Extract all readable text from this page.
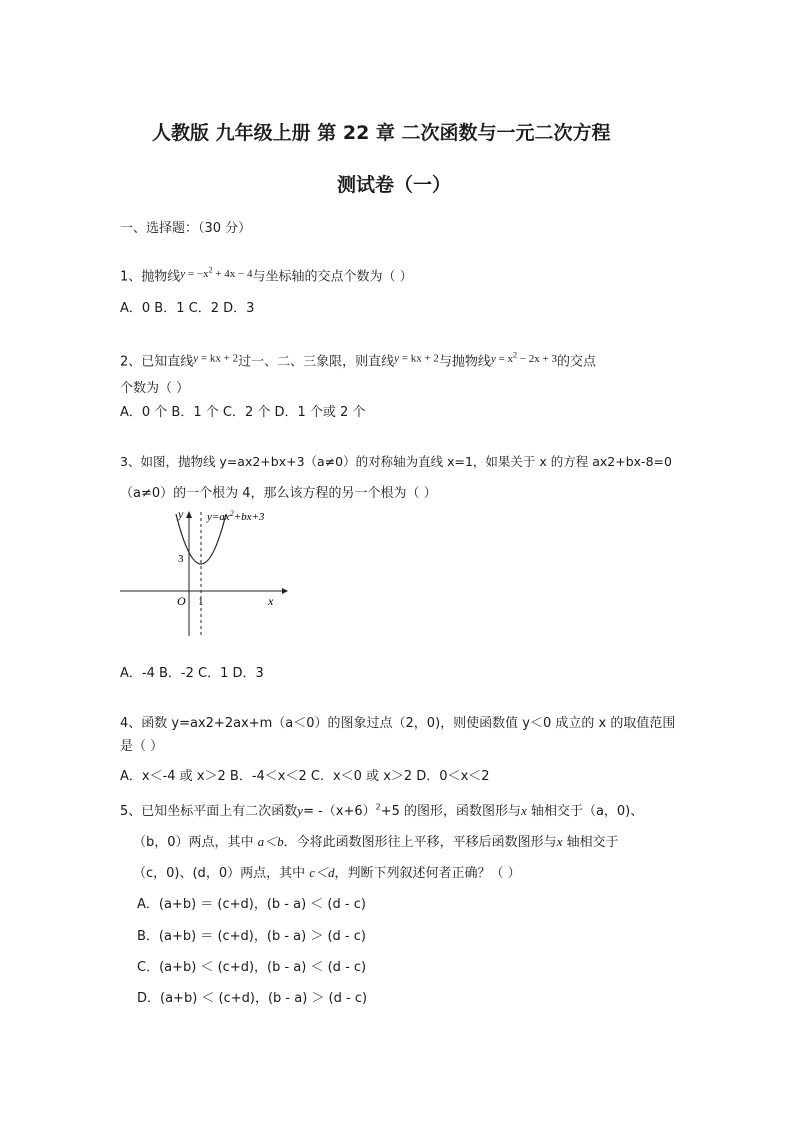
人教版 九年级上册 第 22 章 二次函数与一元二次方程
测试卷（一）
一、选择题：（30 分）
1、抛物线$^{y = -x^2 + 4x - 4}$与坐标轴的交点个数为（ ）
A．0 B．1 C．2 D．3
2、已知直线$^{y = kx + 2}$过一、二、三象限，则直线$^{y = kx + 2}$与抛物线$^{y = x^2 - 2x + 3}$的交点
个数为（ ）
A．0 个 B．1 个 C．2 个 D．1 个或 2 个
3、如图，抛物线 y=ax2+bx+3（a≠0）的对称轴为直线 x=1，如果关于 x 的方程 ax2+bx-8=0
（a≠0）的一个根为 4，那么该方程的另一个根为（ ）
y $y=ax^2+bx+3$
3
O 1	x
A．-4 B．-2 C．1 D．3
4、函数 y=ax2+2ax+m（a＜0）的图象过点（2，0)，则使函数值 y＜0 成立的 x 的取值范围
是（ ）
A．x＜-4 或 x＞2 B．-4＜x＜2 C．x＜0 或 x＞2 D．0＜x＜2
5、已知坐标平面上有二次函数$y= -(x+6)^2+5$ 的图形，函数图形与x 轴相交于（a，0)、
（b，0）两点，其中 a＜b．今将此函数图形往上平移，平移后函数图形与x 轴相交于
（c，0)、(d，0）两点，其中 c＜d，判断下列叙述何者正确？（ ）
A．(a+b) ＝ (c+d)，(b - a) ＜ (d - c)
B．(a+b) ＝ (c+d)，(b - a) ＞ (d - c)
C．(a+b) ＜ (c+d)，(b - a) ＜ (d - c)
D．(a+b) ＜ (c+d)，(b - a) ＞ (d - c)
